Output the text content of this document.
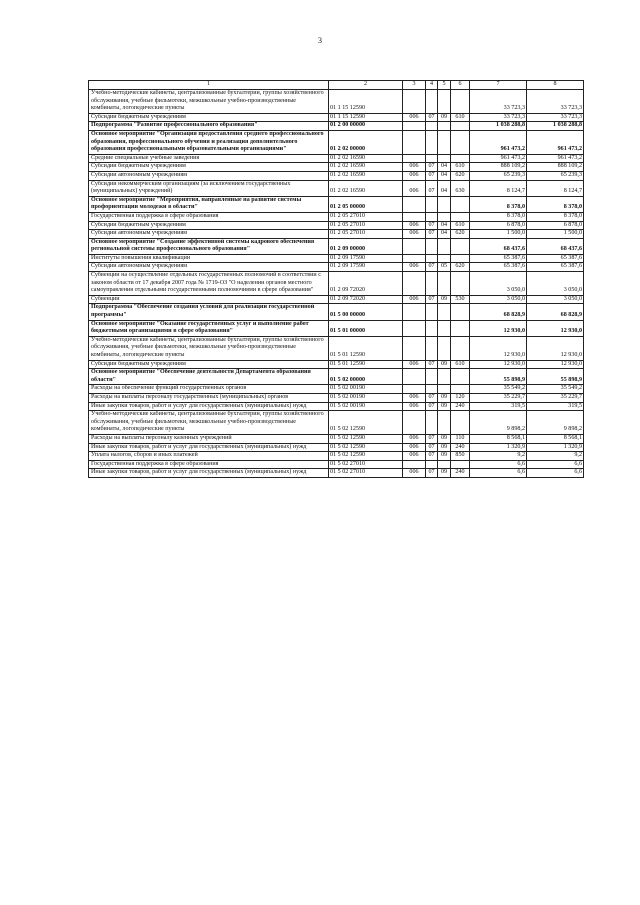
3
1	2	3	4	5	6	7	8
Учебно-методические кабинеты, централизованные бухгалтерии, группы хозяйственного обслуживания, учебные фильмотеки, межшкольные учебно-производственные комбинаты, логопедические пункты	01 1 15 12590					33 723,3	33 723,3
Субсидии бюджетным учреждениям	01 1 15 12590	006	07	09	610	33 723,3	33 723,3
Подпрограмма "Развитие профессионального образования"	01 2 00 00000					1 038 288,8	1 038 288,8
Основное мероприятие "Организация предоставления среднего профессионального образования, профессионального обучения и реализация дополнительного образования профессиональными образовательными организациями"	01 2 02 00000					961 473,2	961 473,2
Средние специальные учебные заведения	01 2 02 16590					961 473,2	961 473,2
Субсидии бюджетным учреждениям	01 2 02 16590	006	07	04	610	888 109,2	888 109,2
Субсидии автономным учреждениям	01 2 02 16590	006	07	04	620	65 239,3	65 239,3
Субсидии некоммерческим организациям (за исключением государственных (муниципальных) учреждений)	01 2 02 16590	006	07	04	630	8 124,7	8 124,7
Основное мероприятие "Мероприятия, направленные на развитие системы профориентации молодежи в области"	01 2 05 00000					8 378,0	8 378,0
Государственная поддержка в сфере образования	01 2 05 27010					8 378,0	8 378,0
Субсидии бюджетным учреждениям	01 2 05 27010	006	07	04	610	6 878,0	6 878,0
Субсидии автономным учреждениям	01 2 05 27010	006	07	04	620	1 500,0	1 500,0
Основное мероприятие "Создание эффективной системы кадрового обеспечения региональной системы профессионального образования"	01 2 09 00000					68 437,6	68 437,6
Институты повышения квалификации	01 2 09 17590					65 387,6	65 387,6
Субсидии автономным учреждениям	01 2 09 17590	006	07	05	620	65 387,6	65 387,6
Субвенции на осуществление отдельных государственных полномочий в соответствии с законом области от 17 декабря 2007 года № 1719-ОЗ "О наделении органов местного самоуправления отдельными государственными полномочиями в сфере образования"	01 2 09 72020					3 050,0	3 050,0
Субвенции	01 2 09 72020	006	07	09	530	3 050,0	3 050,0
Подпрограмма "Обеспечение создания условий для реализации государственной программы"	01 5 00 00000					68 828,9	68 828,9
Основное мероприятие "Оказание государственных услуг и выполнение работ бюджетными организациями в сфере образования"	01 5 01 00000					12 930,0	12 930,0
Учебно-методические кабинеты, централизованные бухгалтерии, группы хозяйственного обслуживания, учебные фильмотеки, межшкольные учебно-производственные комбинаты, логопедические пункты	01 5 01 12590					12 930,0	12 930,0
Субсидии бюджетным учреждениям	01 5 01 12590	006	07	09	610	12 930,0	12 930,0
Основное мероприятие "Обеспечение деятельности Департамента образования области"	01 5 02 00000					55 898,9	55 898,9
Расходы на обеспечение функций государственных органов	01 5 02 00190					35 549,2	35 549,2
Расходы на выплаты персоналу государственных (муниципальных) органов	01 5 02 00190	006	07	09	120	35 229,7	35 229,7
Иные закупки товаров, работ и услуг для государственных (муниципальных) нужд	01 5 02 00190	006	07	09	240	319,5	319,5
Учебно-методические кабинеты, централизованные бухгалтерии, группы хозяйственного обслуживания, учебные фильмотеки, межшкольные учебно-производственные комбинаты, логопедические пункты	01 5 02 12590					9 898,2	9 898,2
Расходы на выплаты персоналу казенных учреждений	01 5 02 12590	006	07	09	110	8 568,1	8 568,1
Иные закупки товаров, работ и услуг для государственных (муниципальных) нужд	01 5 02 12590	006	07	09	240	1 320,9	1 320,9
Уплата налогов, сборов и иных платежей	01 5 02 12590	006	07	09	850	9,2	9,2
Государственная поддержка в сфере образования	01 5 02 27010					6,6	6,6
Иные закупки товаров, работ и услуг для государственных (муниципальных) нужд	01 5 02 27010	006	07	09	240	6,6	6,6
